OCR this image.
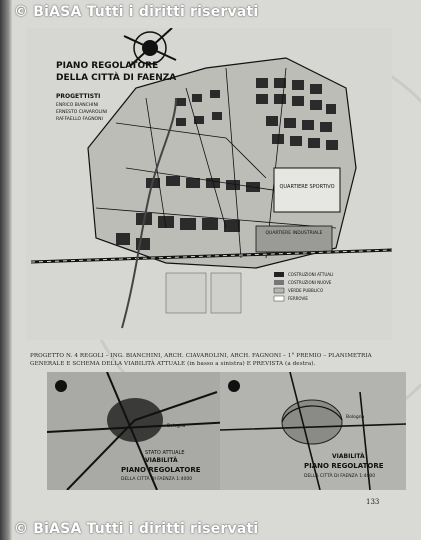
© BiASA Tutti i diritti riservati
QUARTIERE SPORTIVO
QUARTIERE INDUSTRIALE
PIANO REGOLATORE
DELLA CITTÀ DI FAENZA
PROGETTISTI
ENRICO BIANCHINI
ERNESTO CIAVAROLINI
RAFFAELLO FAGNONI
COSTRUZIONI ATTUALI
COSTRUZIONI NUOVE
VERDE PUBBLICO
FERROVIE
PROGETTO N. 4 REGOLI – ING. BIANCHINI, ARCH. CIAVAROLINI, ARCH. FAGNONI – 1° PREMIO – PLANIMETRIA GENERALE E SCHEMA DELLA VIABILITÀ ATTUALE (in basso a sinistra) E PREVISTA (a destra).
Bologna
STATO ATTUALE
VIABILITÀ
PIANO REGOLATORE
DELLA CITTÀ DI FAENZA 1:4000
Bologna
VIABILITÀ
PIANO REGOLATORE
DELLA CITTÀ DI FAENZA 1:4000
133
© BiASA Tutti i diritti riservati
